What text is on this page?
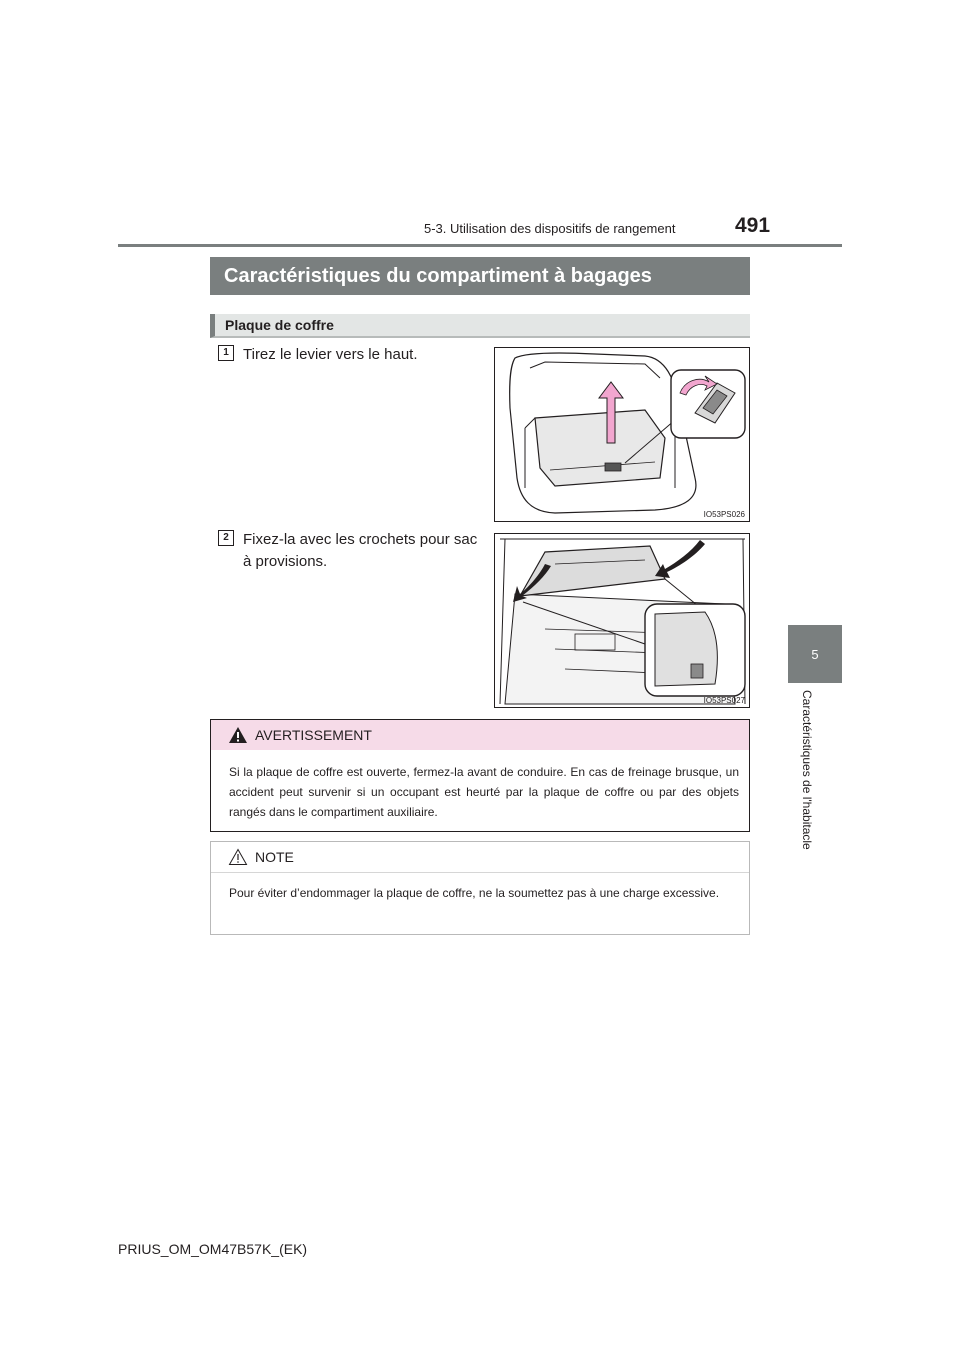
491
5-3. Utilisation des dispositifs de rangement
5
Caractéristiques de l'habitacle
Caractéristiques du compartiment à bagages
Plaque de coffre
1 Tirez le levier vers le haut.
IO53PS026
2 Fixez-la avec les crochets pour sac à provisions.
IO53PS027
AVERTISSEMENT
Si la plaque de coffre est ouverte, fermez-la avant de conduire. En cas de freinage brusque, un accident peut survenir si un occupant est heurté par la plaque de coffre ou par des objets rangés dans le compartiment auxiliaire.
NOTE
Pour éviter d’endommager la plaque de coffre, ne la soumettez pas à une charge excessive.
PRIUS_OM_OM47B57K_(EK)
